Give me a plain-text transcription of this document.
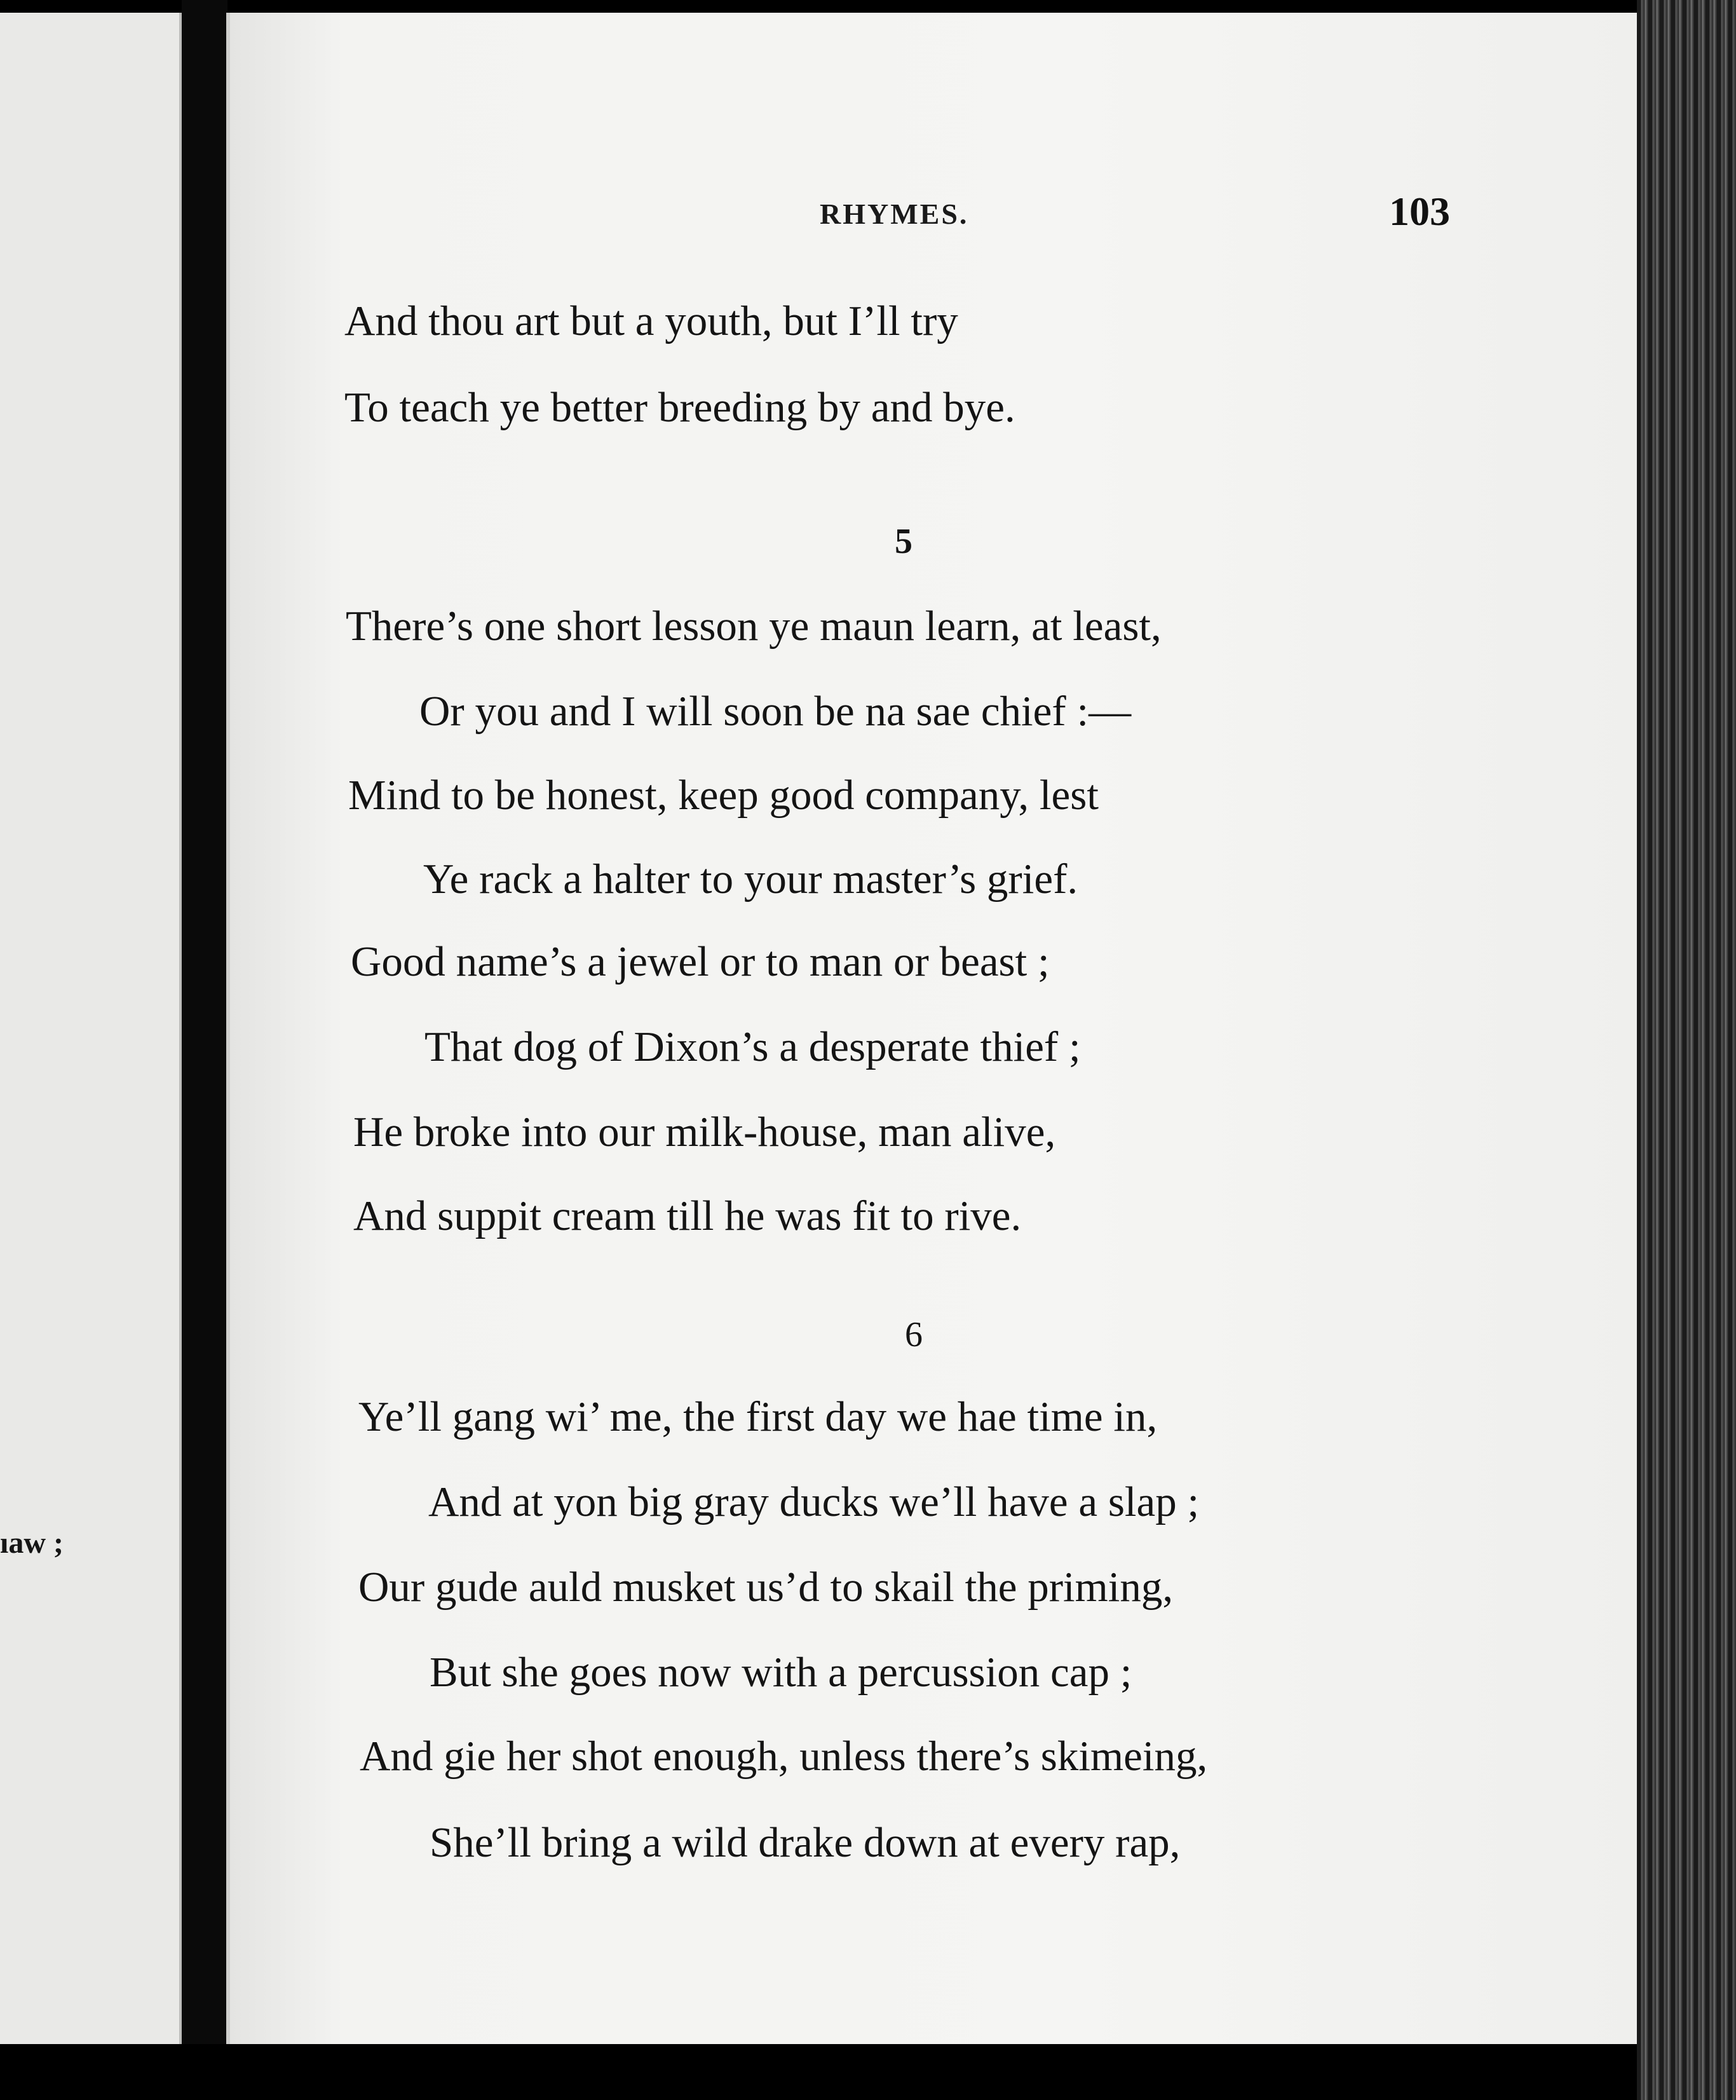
ıaw ;
RHYMES.	103
And thou art but a youth, but I’ll try
To teach ye better breeding by and bye.
5
There’s one short lesson ye maun learn, at least,
Or you and I will soon be na sae chief :—
Mind to be honest, keep good company, lest
Ye rack a halter to your master’s grief.
Good name’s a jewel or to man or beast ;
That dog of Dixon’s a desperate thief ;
He broke into our milk-house, man alive,
And suppit cream till he was fit to rive.
6
Ye’ll gang wi’ me, the first day we hae time in,
And at yon big gray ducks we’ll have a slap ;
Our gude auld musket us’d to skail the priming,
But she goes now with a percussion cap ;
And gie her shot enough, unless there’s skimeing,
She’ll bring a wild drake down at every rap,
